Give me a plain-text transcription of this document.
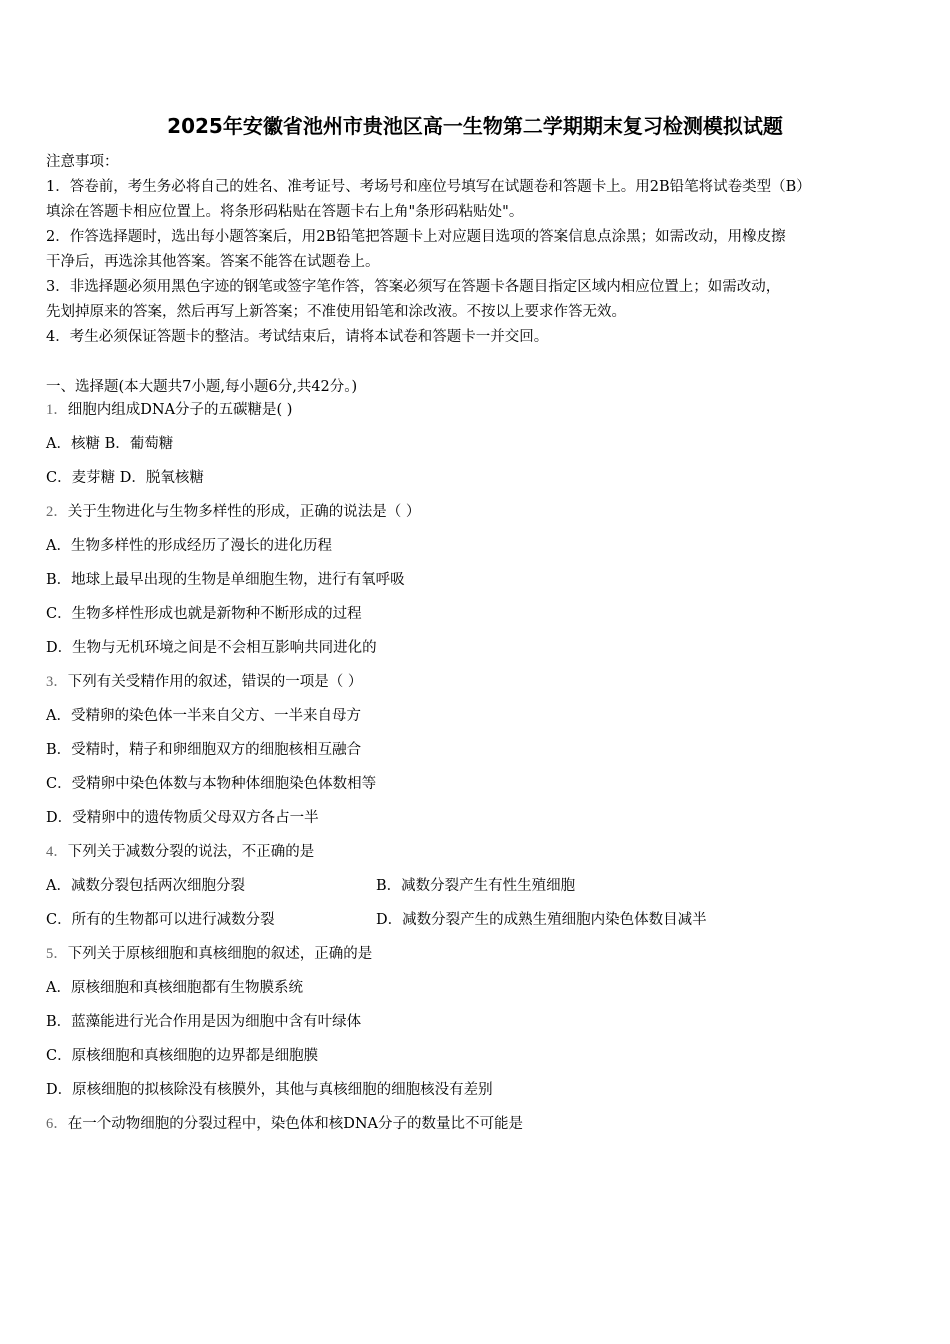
2025年安徽省池州市贵池区高一生物第二学期期末复习检测模拟试题
注意事项：
1．答卷前，考生务必将自己的姓名、准考证号、考场号和座位号填写在试题卷和答题卡上。用2B铅笔将试卷类型（B）
填涂在答题卡相应位置上。将条形码粘贴在答题卡右上角"条形码粘贴处"。
2．作答选择题时，选出每小题答案后，用2B铅笔把答题卡上对应题目选项的答案信息点涂黑；如需改动，用橡皮擦
干净后，再选涂其他答案。答案不能答在试题卷上。
3．非选择题必须用黑色字迹的钢笔或签字笔作答，答案必须写在答题卡各题目指定区域内相应位置上；如需改动，
先划掉原来的答案，然后再写上新答案；不准使用铅笔和涂改液。不按以上要求作答无效。
4．考生必须保证答题卡的整洁。考试结束后，请将本试卷和答题卡一并交回。
一、选择题(本大题共7小题,每小题6分,共42分。)
1．细胞内组成DNA分子的五碳糖是( )
A．核糖 B．葡萄糖
C．麦芽糖 D．脱氧核糖
2．关于生物进化与生物多样性的形成，正确的说法是（ ）
A．生物多样性的形成经历了漫长的进化历程
B．地球上最早出现的生物是单细胞生物，进行有氧呼吸
C．生物多样性形成也就是新物种不断形成的过程
D．生物与无机环境之间是不会相互影响共同进化的
3．下列有关受精作用的叙述，错误的一项是（ ）
A．受精卵的染色体一半来自父方、一半来自母方
B．受精时，精子和卵细胞双方的细胞核相互融合
C．受精卵中染色体数与本物种体细胞染色体数相等
D．受精卵中的遗传物质父母双方各占一半
4．下列关于减数分裂的说法，不正确的是
A．减数分裂包括两次细胞分裂	B．减数分裂产生有性生殖细胞
C．所有的生物都可以进行减数分裂	D．减数分裂产生的成熟生殖细胞内染色体数目减半
5．下列关于原核细胞和真核细胞的叙述，正确的是
A．原核细胞和真核细胞都有生物膜系统
B．蓝藻能进行光合作用是因为细胞中含有叶绿体
C．原核细胞和真核细胞的边界都是细胞膜
D．原核细胞的拟核除没有核膜外，其他与真核细胞的细胞核没有差别
6．在一个动物细胞的分裂过程中，染色体和核DNA分子的数量比不可能是
